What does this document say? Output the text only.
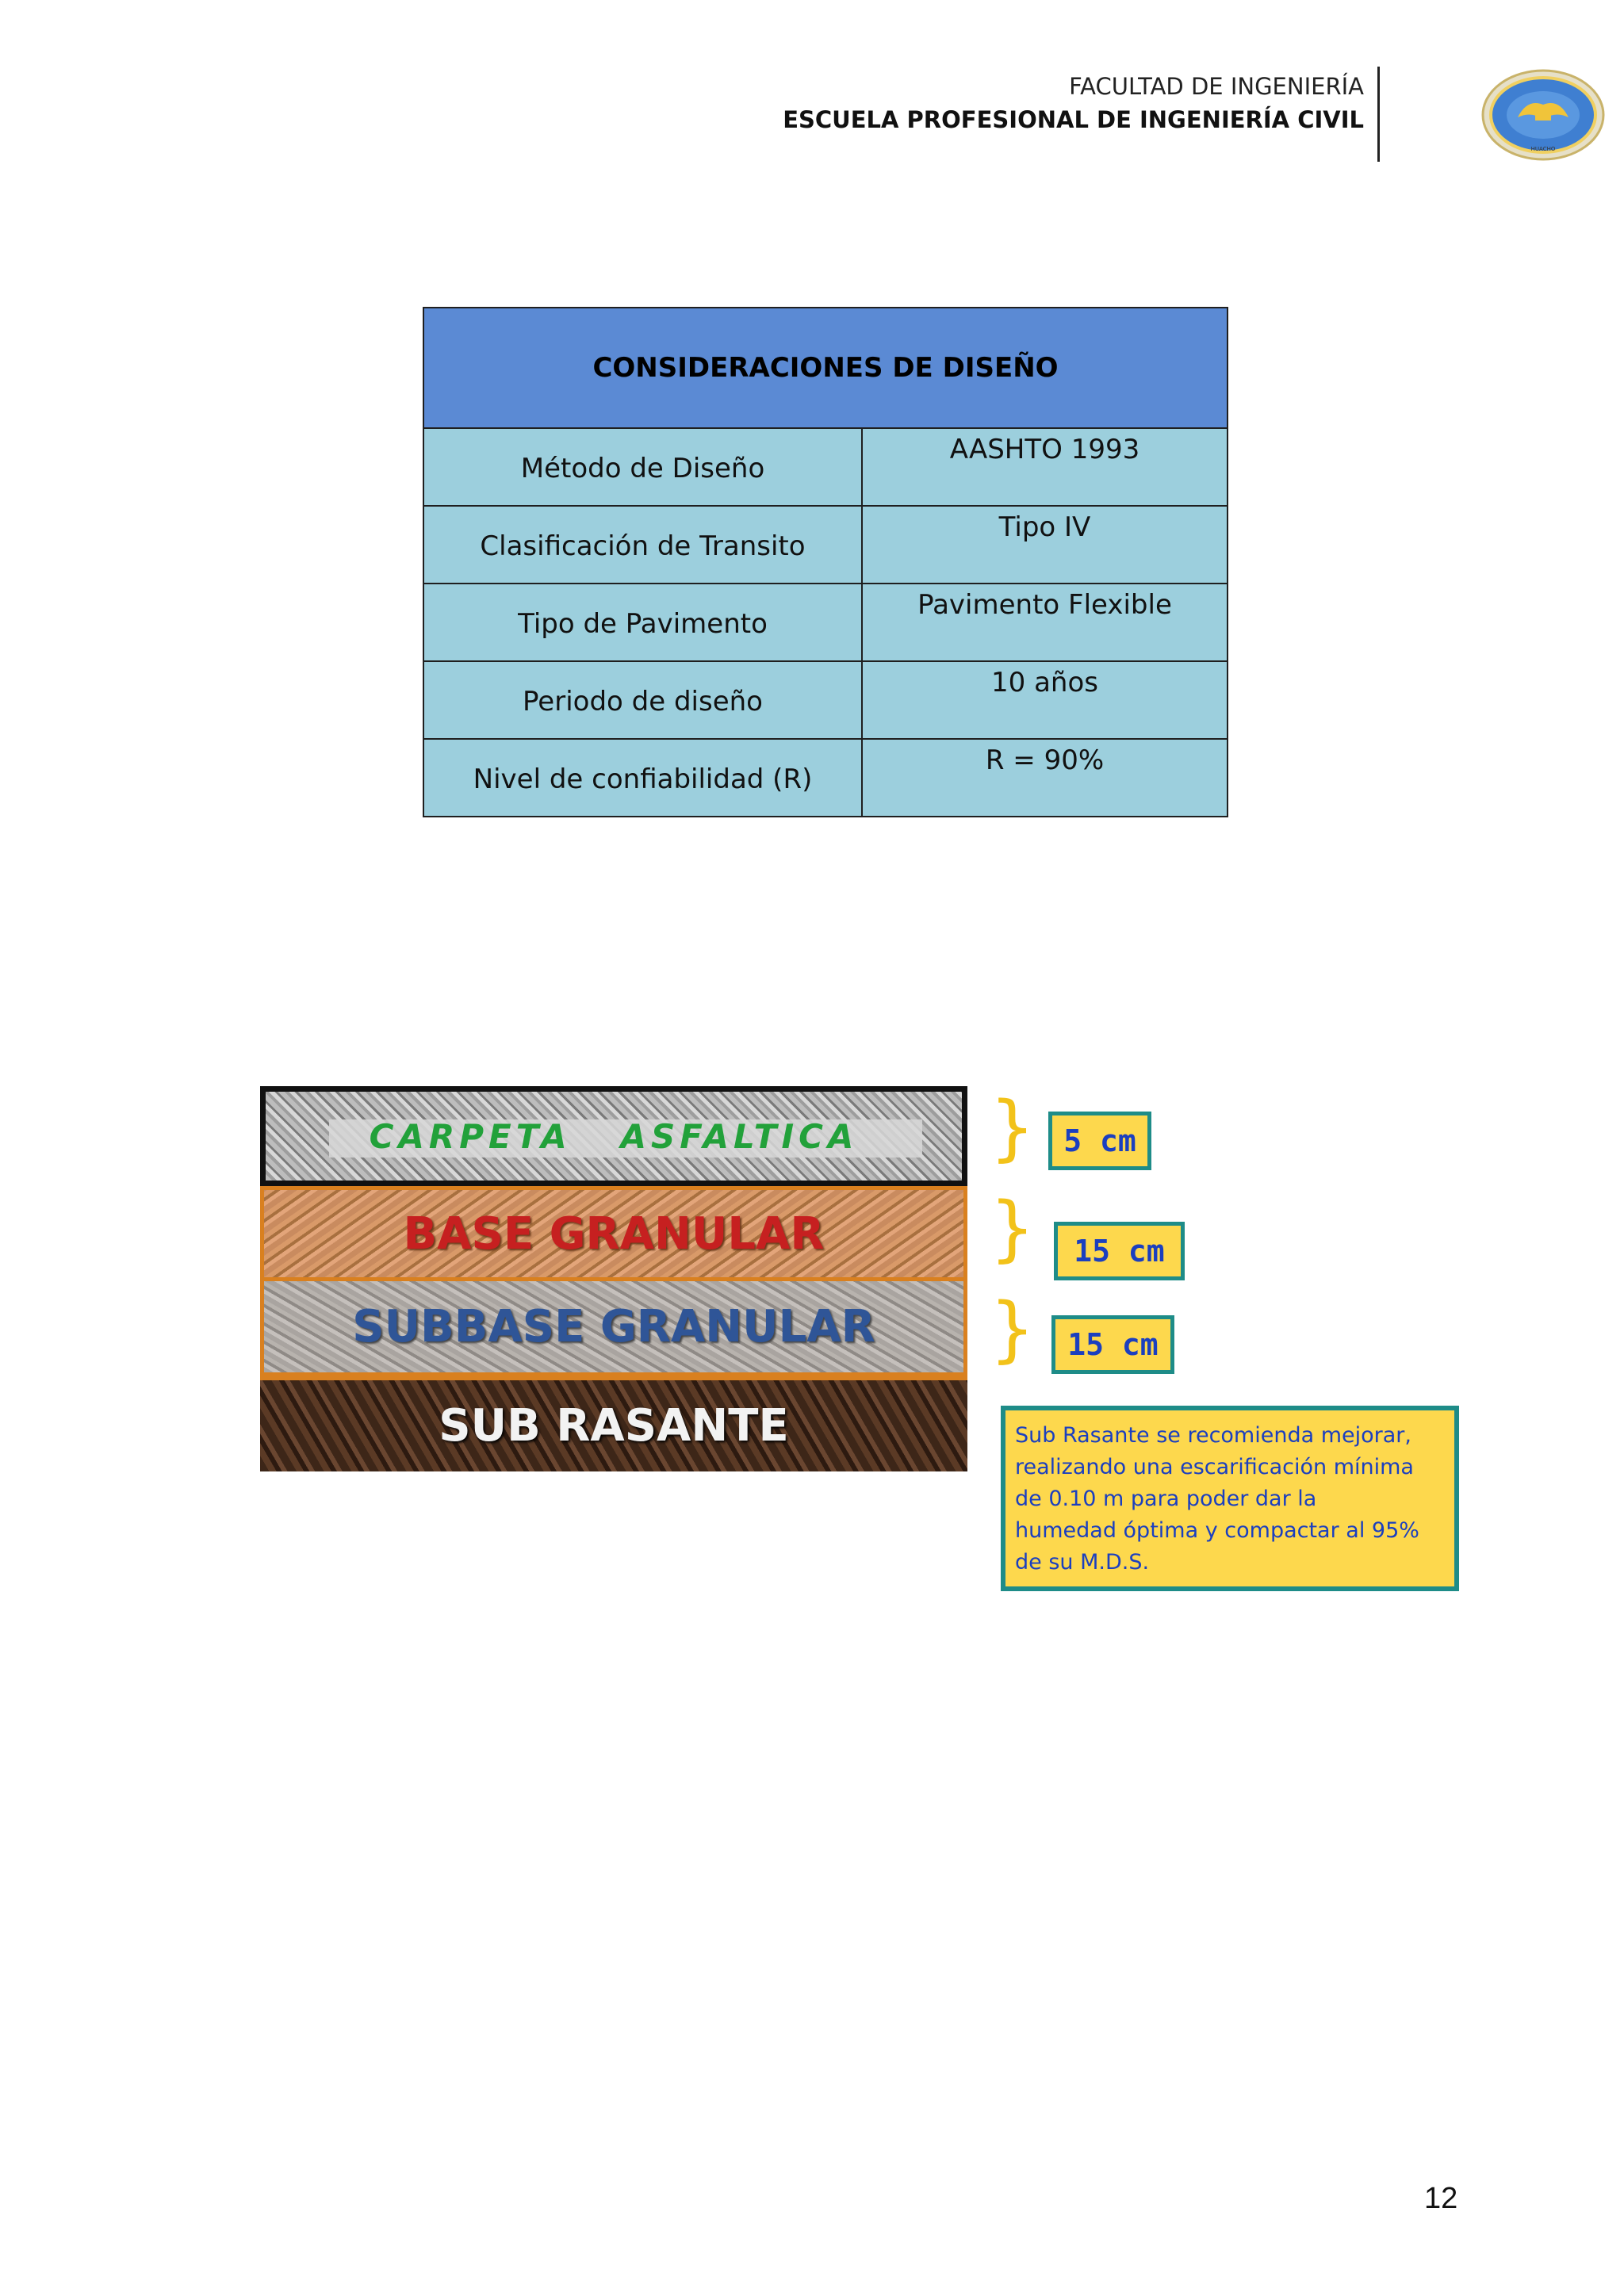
FACULTAD DE INGENIERÍA
ESCUELA PROFESIONAL DE INGENIERÍA CIVIL
HUACHO
CONSIDERACIONES DE DISEÑO	
Método de Diseño	AASHTO 1993
Clasificación de Transito	Tipo IV
Tipo de Pavimento	Pavimento Flexible
Periodo de diseño	10 años
Nivel de confiabilidad (R)	R = 90%
CARPETA   ASFALTICA
BASE GRANULAR
SUBBASE GRANULAR
SUB RASANTE
}
}
}
5 cm
15 cm
15 cm
Sub Rasante se recomienda mejorar,
realizando una escarificación mínima
de 0.10 m para poder dar la
humedad óptima y compactar al 95%
de su M.D.S.
12
